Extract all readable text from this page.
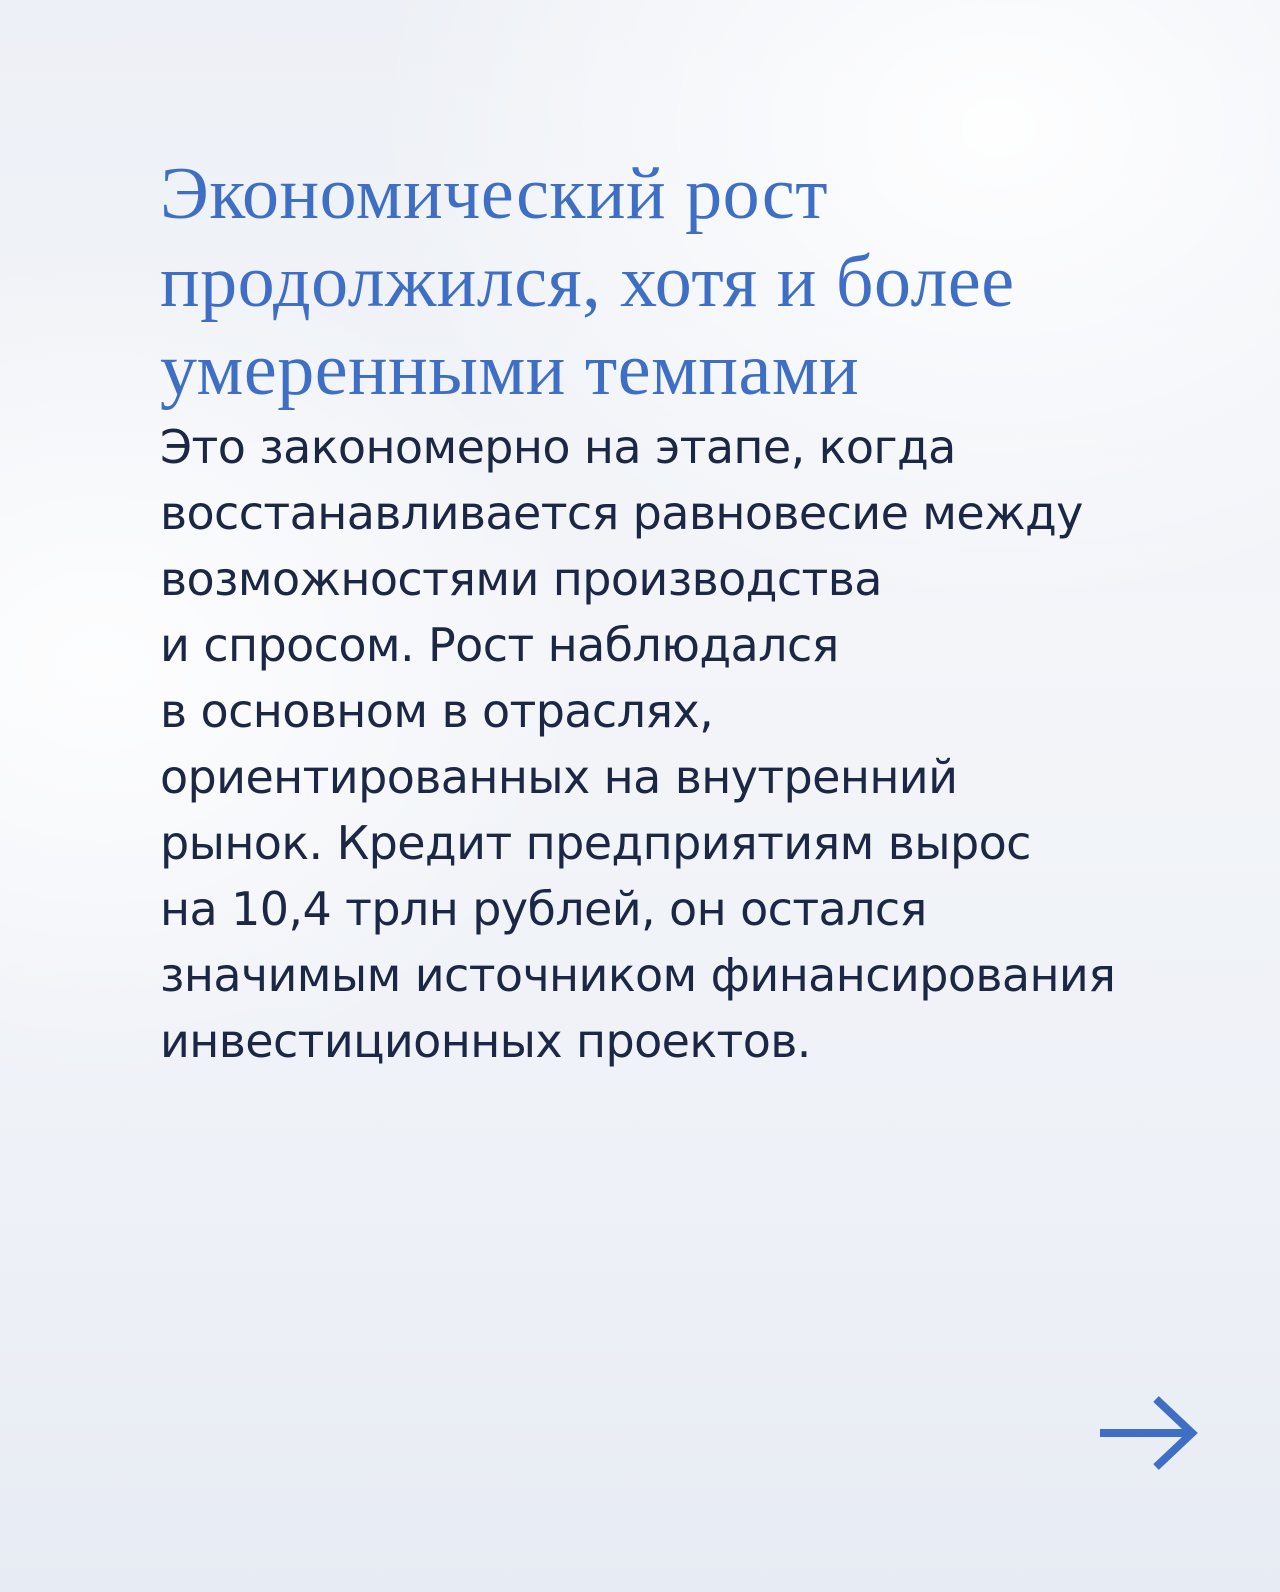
Экономический рост
продолжился, хотя и более
умеренными темпами

Это закономерно на этапе, когда
восстанавливается равновесие между
возможностями производства
и спросом. Рост наблюдался
в основном в отраслях,
ориентированных на внутренний
рынок. Кредит предприятиям вырос
на 10,4 трлн рублей, он остался
значимым источником финансирования
инвестиционных проектов.
